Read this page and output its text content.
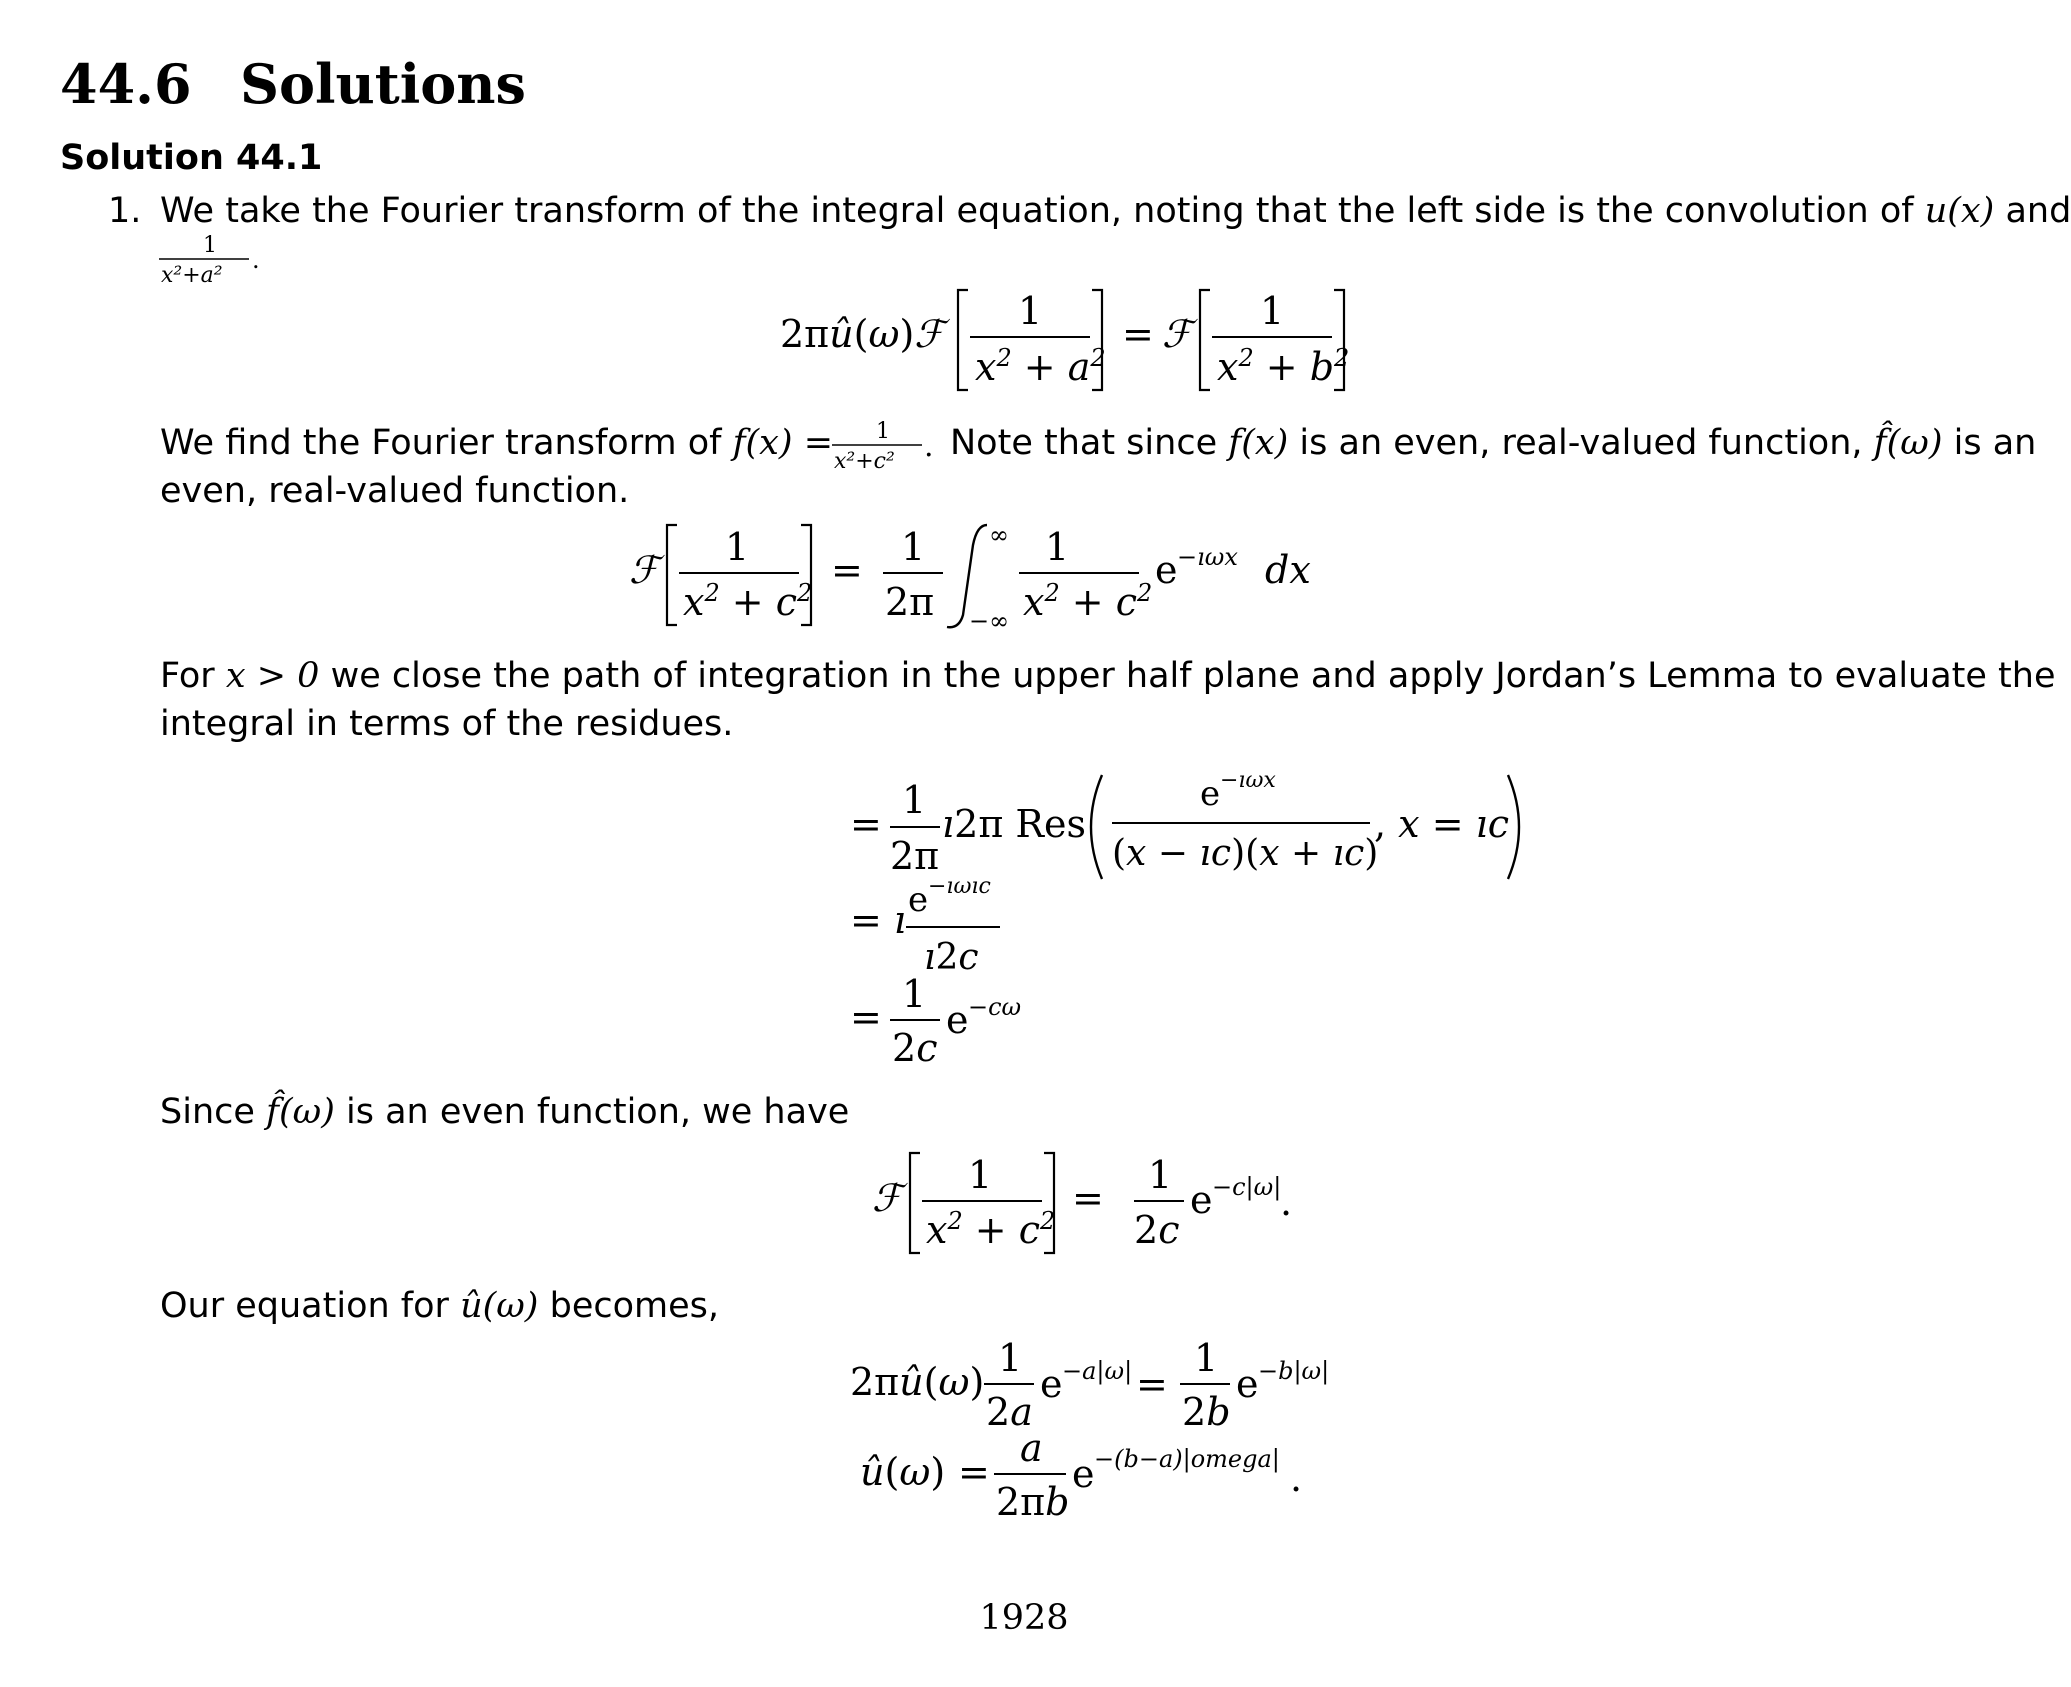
44.6 Solutions
Solution 44.1
1. We take the Fourier transform of the integral equation, noting that the left side is the convolution of u(x) and
1
x²+a²
.
2πû(ω)ℱ
1
$x^2 + a^2$
= ℱ
1
$x^2 + b^2$
We find the Fourier transform of f(x) = 1
x²+c² . Note that since f(x) is an even, real-valued function, f̂(ω) is an
even, real-valued function.
ℱ
1
$x^2 + c^2$
=
1
2π
∞
−∞
1
$x^2 + c^2$
e −ıωx dx
For x > 0 we close the path of integration in the upper half plane and apply Jordan’s Lemma to evaluate the
integral in terms of the residues.
=
1
2π
ı2π Res
e −ıωx
(x − ıc)(x + ıc)
, x = ıc
= ı e −ıωıc
ı2c
=
1
2c
e −cω
Since f̂(ω) is an even function, we have
ℱ
1
$x^2 + c^2$
=
1
2c
e −c|ω|
.
Our equation for û(ω) becomes,
2πû(ω)
1
2a
e −a|ω| =
1
2b
e −b|ω|
û(ω) =
a
2πb
e −(b−a)|omega| .
1928
